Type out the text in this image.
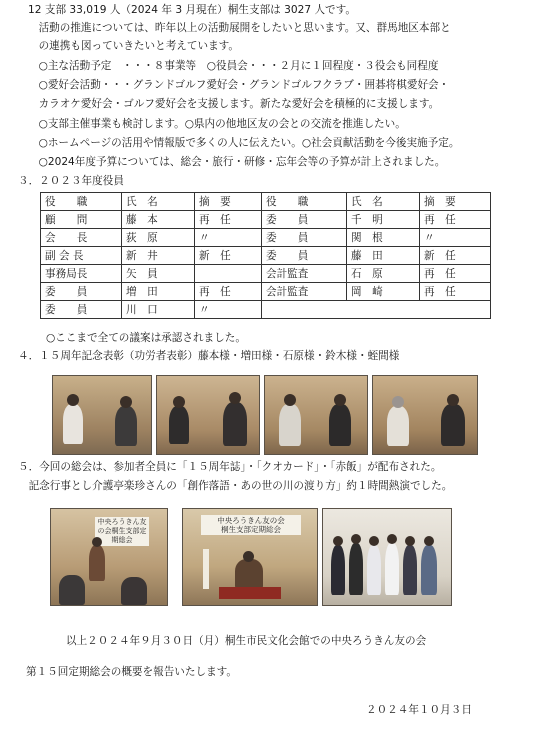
12 支部 33,019 人（2024 年 3 月現在）桐生支部は 3027 人です。
　活動の推進については、昨年以上の活動展開をしたいと思います。又、群馬地区本部と
　の連携も図っていきたいと考えています。
　○主な活動予定　・・・８事業等　○役員会・・・２月に１回程度・３役会も同程度
　○愛好会活動・・・グランドゴルフ愛好会・グランドゴルフクラブ・囲碁将棋愛好会・
　カラオケ愛好会・ゴルフ愛好会を支援します。新たな愛好会を積極的に支援します。
　○支部主催事業も検討します。○県内の他地区友の会との交流を推進したい。
　○ホームページの活用や情報版で多くの人に伝えたい。○社会貢献活動を今後実施予定。
　○2024年度予算については、総会・旅行・研修・忘年会等の予算が計上されました。
３．２０２３年度役員
役　　職	氏　名	摘　要	役　　職	氏　名	摘　要
顧　　問	藤　本	再　任	委　　員	千　明	再　任
会　　長	荻　原	〃	委　　員	関　根	〃
副 会 長	新　井	新　任	委　　員	藤　田	新　任
事務局長	矢　員		会計監査	石　原	再　任
委　　員	増　田	再　任	会計監査	岡　崎	再　任
委　　員	川　口	〃			
○ここまで全ての議案は承認されました。
４．１５周年記念表彰（功労者表彰）藤本様・増田様・石原様・鈴木様・蛭間様
５．今回の総会は、参加者全員に「１５周年誌」・「クオカード」・「赤飯」が配布された。
　記念行事とし介護亭楽珍さんの「創作落語・あの世の川の渡り方」約１時間熱演でした。
中央ろうきん友の会桐生支部定期総会
中央ろうきん友の会
桐生支部定期総会
以上２０２４年９月３０日（月）桐生市民文化会館での中央ろうきん友の会
第１５回定期総会の概要を報告いたします。
２０２４年１０月３日
